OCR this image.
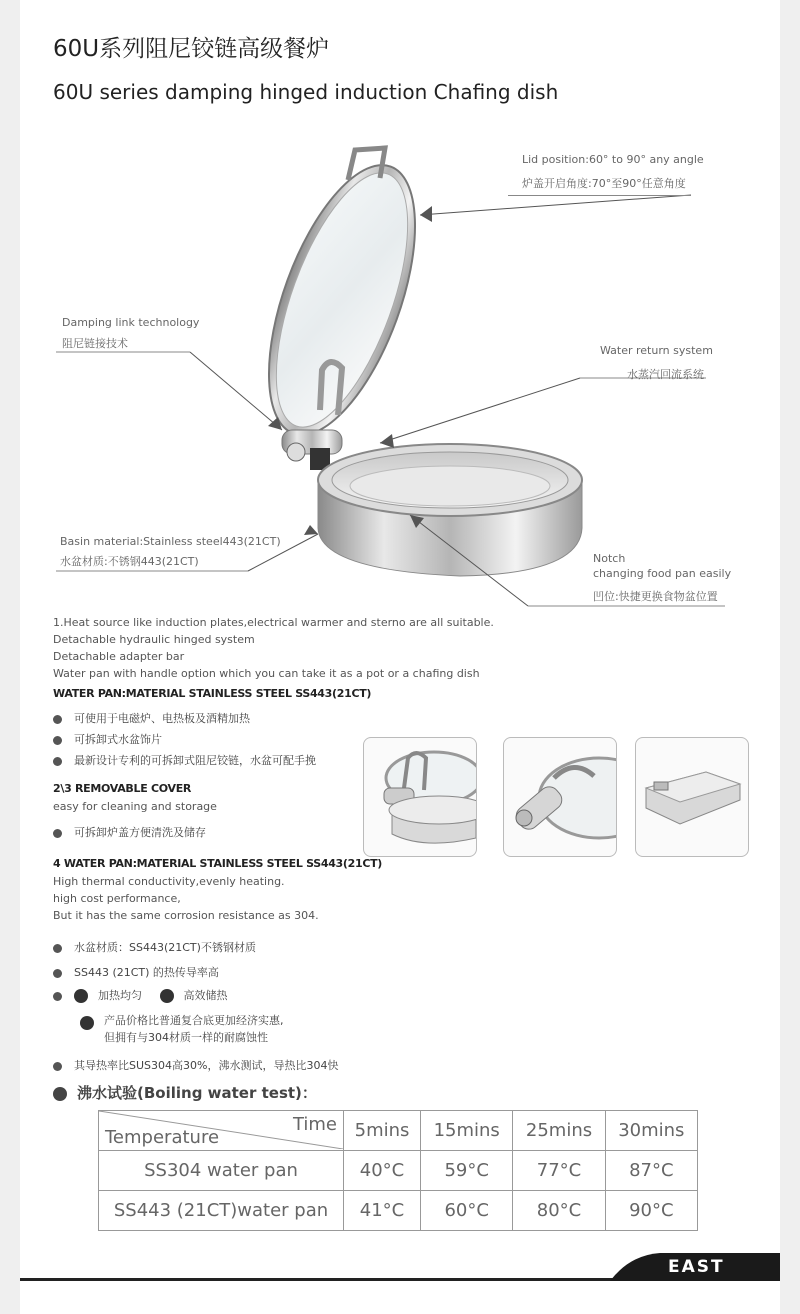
60U系列阻尼铰链高级餐炉
60U series damping hinged induction Chafing dish
Lid position:60° to 90° any angle
炉盖开启角度:70°至90°任意角度
Damping link technology
阻尼链接技术
Water return system
水蒸汽回流系统
Basin material:Stainless steel443(21CT)
水盆材质:不锈钢443(21CT)	Notch
changing food pan easily
凹位:快捷更换食物盆位置
1.Heat source like induction plates,electrical warmer and sterno are all suitable.
Detachable hydraulic hinged system
Detachable adapter bar
Water pan with handle option which you can take it as a pot or a chafing dish
WATER PAN:MATERIAL STAINLESS STEEL SS443(21CT)
可使用于电磁炉、电热板及酒精加热
可拆卸式水盆饰片
最新设计专利的可拆卸式阻尼铰链，水盆可配手挽
2\3 REMOVABLE COVER
easy for cleaning and storage
可拆卸炉盖方便清洗及储存
4 WATER PAN:MATERIAL STAINLESS STEEL SS443(21CT)
High thermal conductivity,evenly heating.
high cost performance,
But it has the same corrosion resistance as 304.
水盆材质：SS443(21CT)不锈钢材质
SS443 (21CT) 的热传导率高
加热均匀	高效储热
产品价格比普通复合底更加经济实惠,
但拥有与304材质一样的耐腐蚀性
其导热率比SUS304高30%，沸水测试，导热比304快
沸水试验(Boiling water test)：
Time
Temperature	5mins	15mins	25mins	30mins
SS304 water pan	40°C	59°C	77°C	87°C
SS443 (21CT)water pan	41°C	60°C	80°C	90°C
EAST
